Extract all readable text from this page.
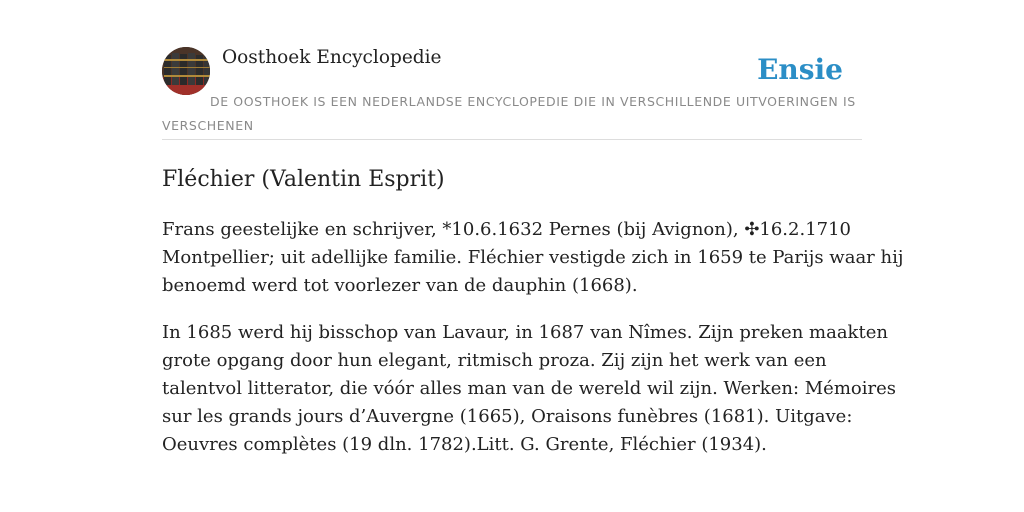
Oosthoek Encyclopedie	Ensie

DE OOSTHOEK IS EEN NEDERLANDSE ENCYCLOPEDIE DIE IN VERSCHILLENDE UITVOERINGEN IS VERSCHENEN

Fléchier (Valentin Esprit)

Frans geestelijke en schrijver, *10.6.1632 Pernes (bij Avignon), ✣16.2.1710
Montpellier; uit adellijke familie. Fléchier vestigde zich in 1659 te Parijs waar hij
benoemd werd tot voorlezer van de dauphin (1668).

In 1685 werd hij bisschop van Lavaur, in 1687 van Nîmes. Zijn preken maakten
grote opgang door hun elegant, ritmisch proza. Zij zijn het werk van een
talentvol litterator, die vóór alles man van de wereld wil zijn. Werken: Mémoires
sur les grands jours d’Auvergne (1665), Oraisons funèbres (1681). Uitgave:
Oeuvres complètes (19 dln. 1782).Litt. G. Grente, Fléchier (1934).
